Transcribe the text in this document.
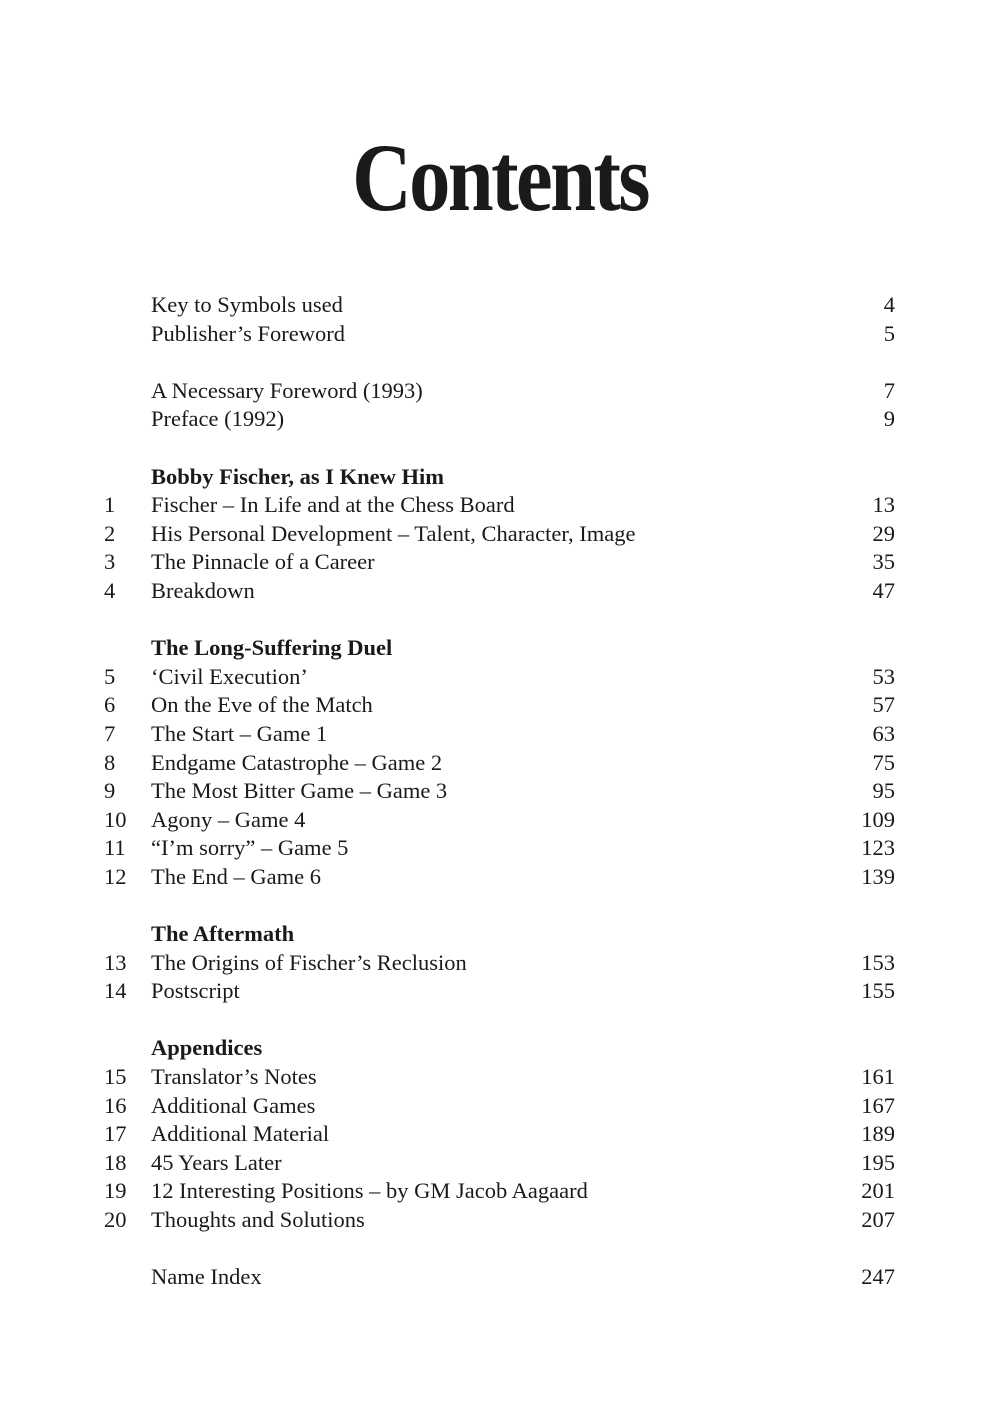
Contents
Key to Symbols used	4
Publisher’s Foreword	5
A Necessary Foreword (1993)	7
Preface (1992)	9
Bobby Fischer, as I Knew Him
1 Fischer – In Life and at the Chess Board	13
2 His Personal Development – Talent, Character, Image	29
3 The Pinnacle of a Career	35
4 Breakdown	47
The Long-Suffering Duel
5 ‘Civil Execution’	53
6 On the Eve of the Match	57
7 The Start – Game 1	63
8 Endgame Catastrophe – Game 2	75
9 The Most Bitter Game – Game 3	95
10 Agony – Game 4	109
11 “I’m sorry” – Game 5	123
12 The End – Game 6	139
The Aftermath
13 The Origins of Fischer’s Reclusion	153
14 Postscript	155
Appendices
15 Translator’s Notes	161
16 Additional Games	167
17 Additional Material	189
18 45 Years Later	195
19 12 Interesting Positions – by GM Jacob Aagaard	201
20 Thoughts and Solutions	207
Name Index	247
